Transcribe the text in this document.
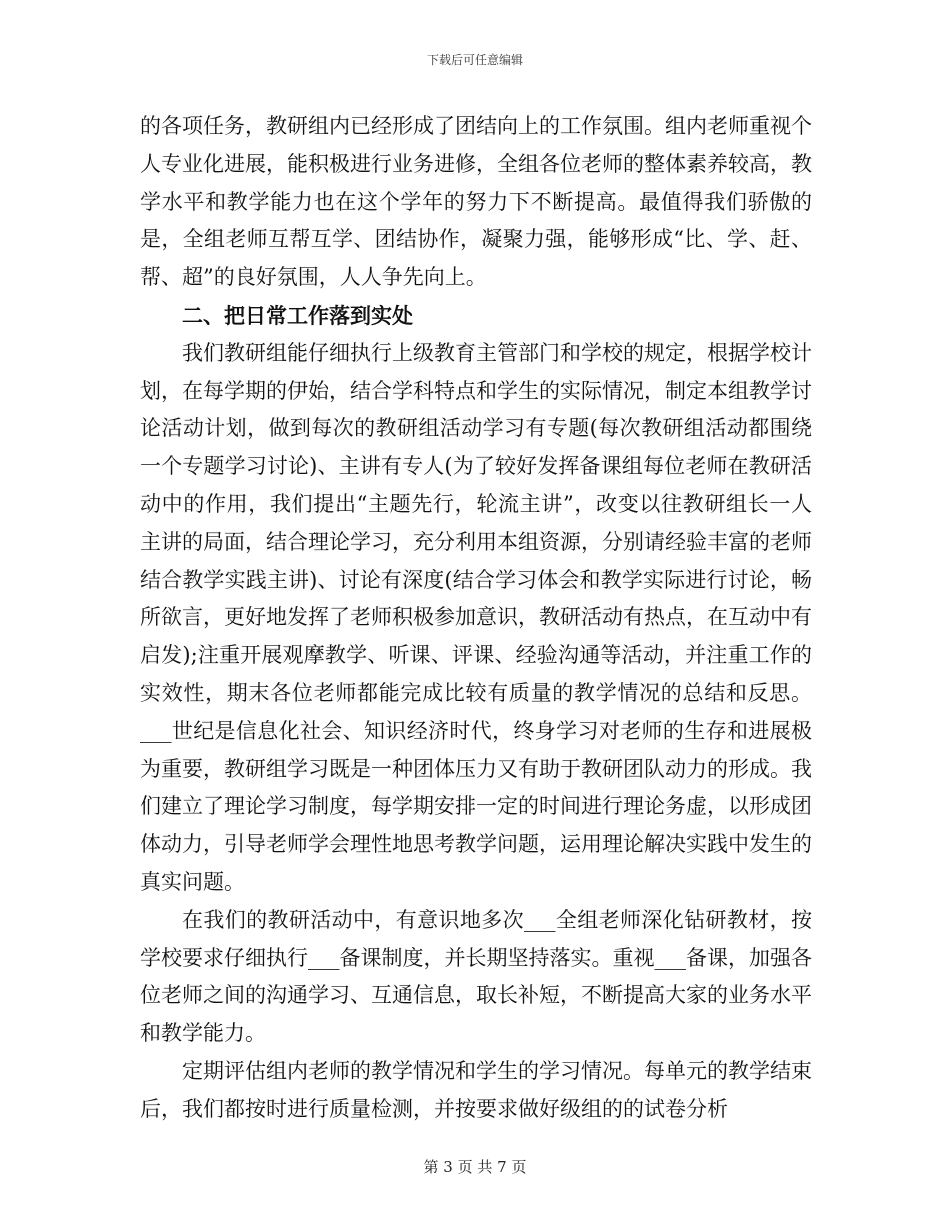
下载后可任意编辑

的各项任务，教研组内已经形成了团结向上的工作氛围。组内老师重视个人专业化进展，能积极进行业务进修，全组各位老师的整体素养较高，教学水平和教学能力也在这个学年的努力下不断提高。最值得我们骄傲的是，全组老师互帮互学、团结协作，凝聚力强，能够形成“比、学、赶、帮、超”的良好氛围，人人争先向上。

二、把日常工作落到实处

我们教研组能仔细执行上级教育主管部门和学校的规定，根据学校计划，在每学期的伊始，结合学科特点和学生的实际情况，制定本组教学讨论活动计划，做到每次的教研组活动学习有专题(每次教研组活动都围绕一个专题学习讨论)、主讲有专人(为了较好发挥备课组每位老师在教研活动中的作用，我们提出“主题先行，轮流主讲”，改变以往教研组长一人主讲的局面，结合理论学习，充分利用本组资源，分别请经验丰富的老师结合教学实践主讲)、讨论有深度(结合学习体会和教学实际进行讨论，畅所欲言，更好地发挥了老师积极参加意识，教研活动有热点，在互动中有启发);注重开展观摩教学、听课、评课、经验沟通等活动，并注重工作的实效性，期末各位老师都能完成比较有质量的教学情况的总结和反思。___世纪是信息化社会、知识经济时代，终身学习对老师的生存和进展极为重要，教研组学习既是一种团体压力又有助于教研团队动力的形成。我们建立了理论学习制度，每学期安排一定的时间进行理论务虚，以形成团体动力，引导老师学会理性地思考教学问题，运用理论解决实践中发生的真实问题。

在我们的教研活动中，有意识地多次___全组老师深化钻研教材，按学校要求仔细执行___备课制度，并长期坚持落实。重视___备课，加强各位老师之间的沟通学习、互通信息，取长补短，不断提高大家的业务水平和教学能力。

定期评估组内老师的教学情况和学生的学习情况。每单元的教学结束后，我们都按时进行质量检测，并按要求做好级组的的试卷分析

第 3 页 共 7 页
